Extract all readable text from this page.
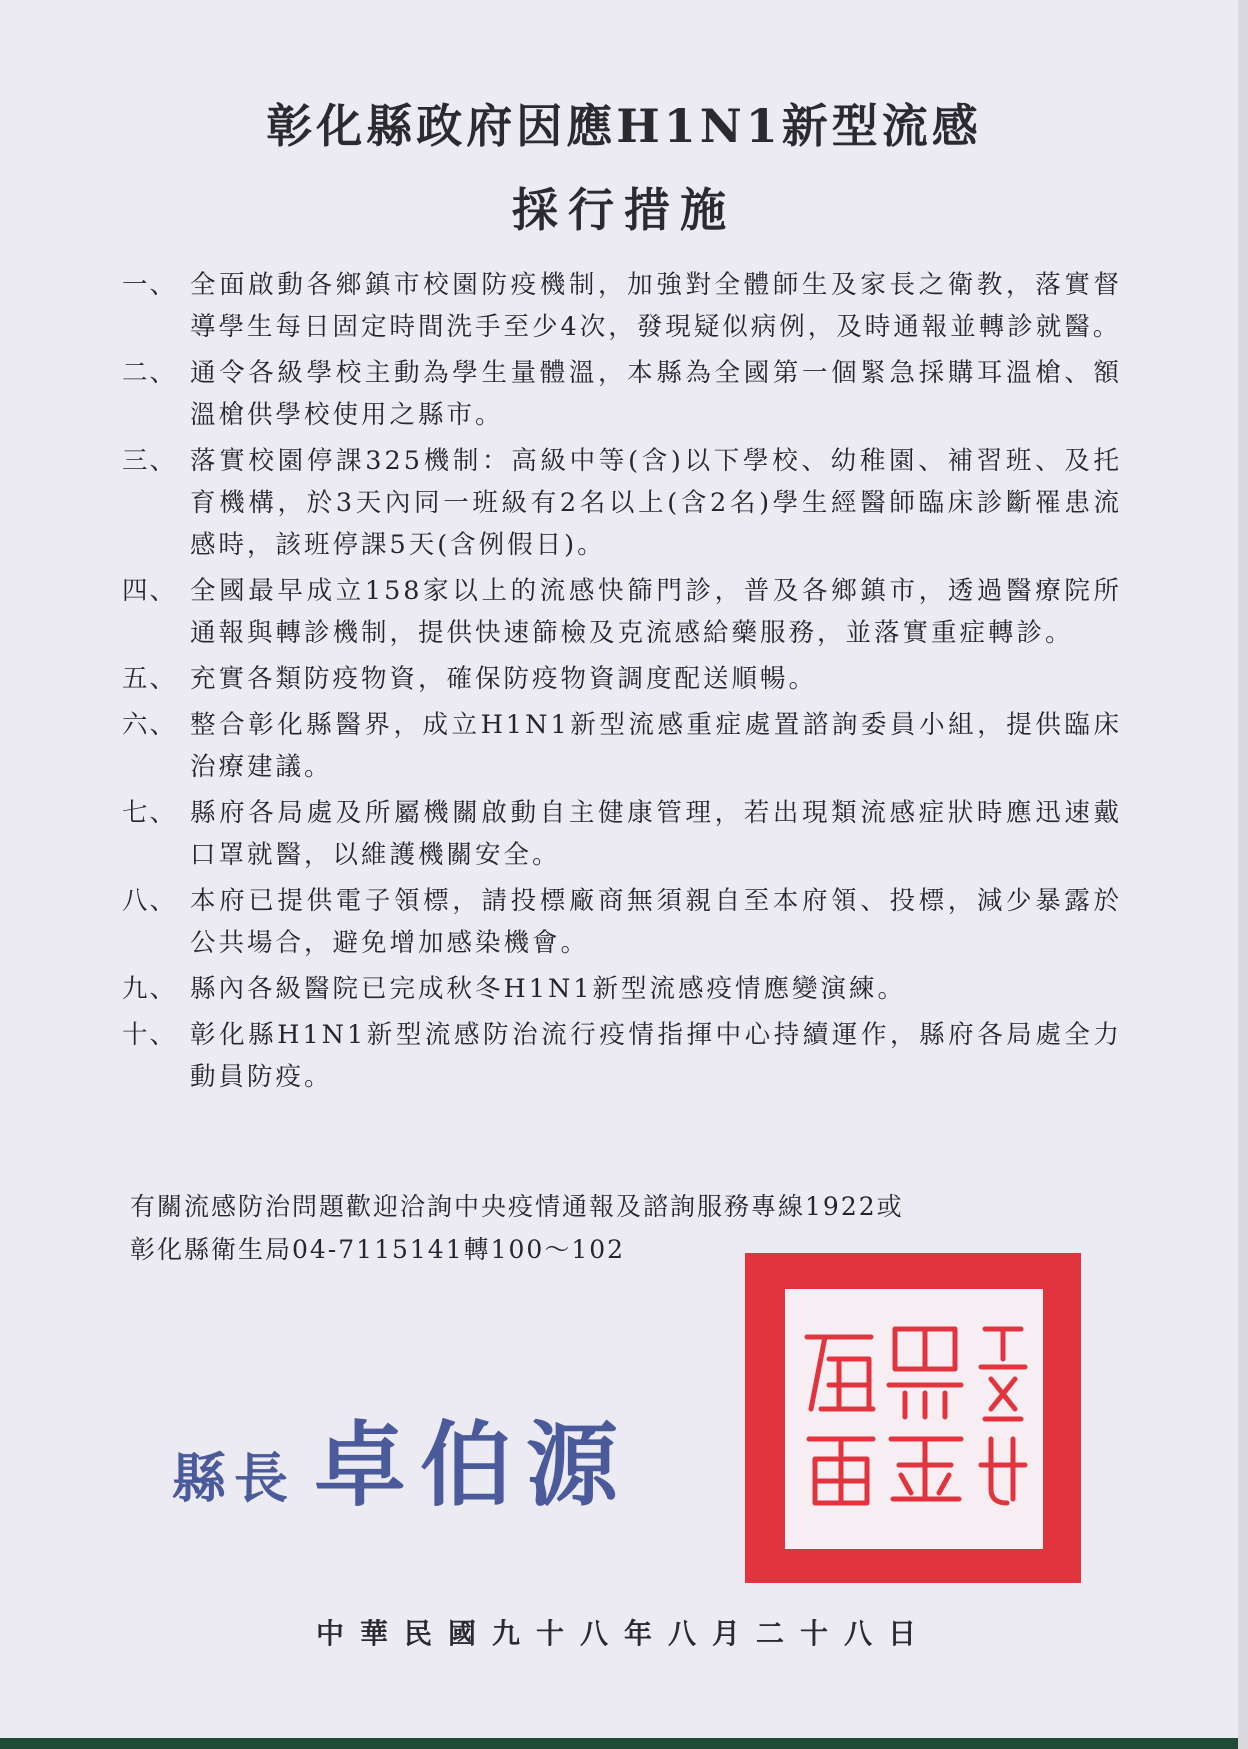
彰化縣政府因應H1N1新型流感
採行措施
一、 全面啟動各鄉鎮市校園防疫機制，加強對全體師生及家長之衛教，落實督導學生每日固定時間洗手至少4次，發現疑似病例，及時通報並轉診就醫。
二、 通令各級學校主動為學生量體溫，本縣為全國第一個緊急採購耳溫槍、額溫槍供學校使用之縣市。
三、 落實校園停課325機制：高級中等(含)以下學校、幼稚園、補習班、及托育機構，於3天內同一班級有2名以上(含2名)學生經醫師臨床診斷罹患流感時，該班停課5天(含例假日)。
四、 全國最早成立158家以上的流感快篩門診，普及各鄉鎮市，透過醫療院所通報與轉診機制，提供快速篩檢及克流感給藥服務，並落實重症轉診。
五、 充實各類防疫物資，確保防疫物資調度配送順暢。
六、 整合彰化縣醫界，成立H1N1新型流感重症處置諮詢委員小組，提供臨床治療建議。
七、 縣府各局處及所屬機關啟動自主健康管理，若出現類流感症狀時應迅速戴口罩就醫，以維護機關安全。
八、 本府已提供電子領標，請投標廠商無須親自至本府領、投標，減少暴露於公共場合，避免增加感染機會。
九、 縣內各級醫院已完成秋冬H1N1新型流感疫情應變演練。
十、 彰化縣H1N1新型流感防治流行疫情指揮中心持續運作，縣府各局處全力動員防疫。

有關流感防治問題歡迎洽詢中央疫情通報及諮詢服務專線1922或

彰化縣衛生局04-7115141轉100～102

縣長 卓伯源
中華民國九十八年八月二十八日
